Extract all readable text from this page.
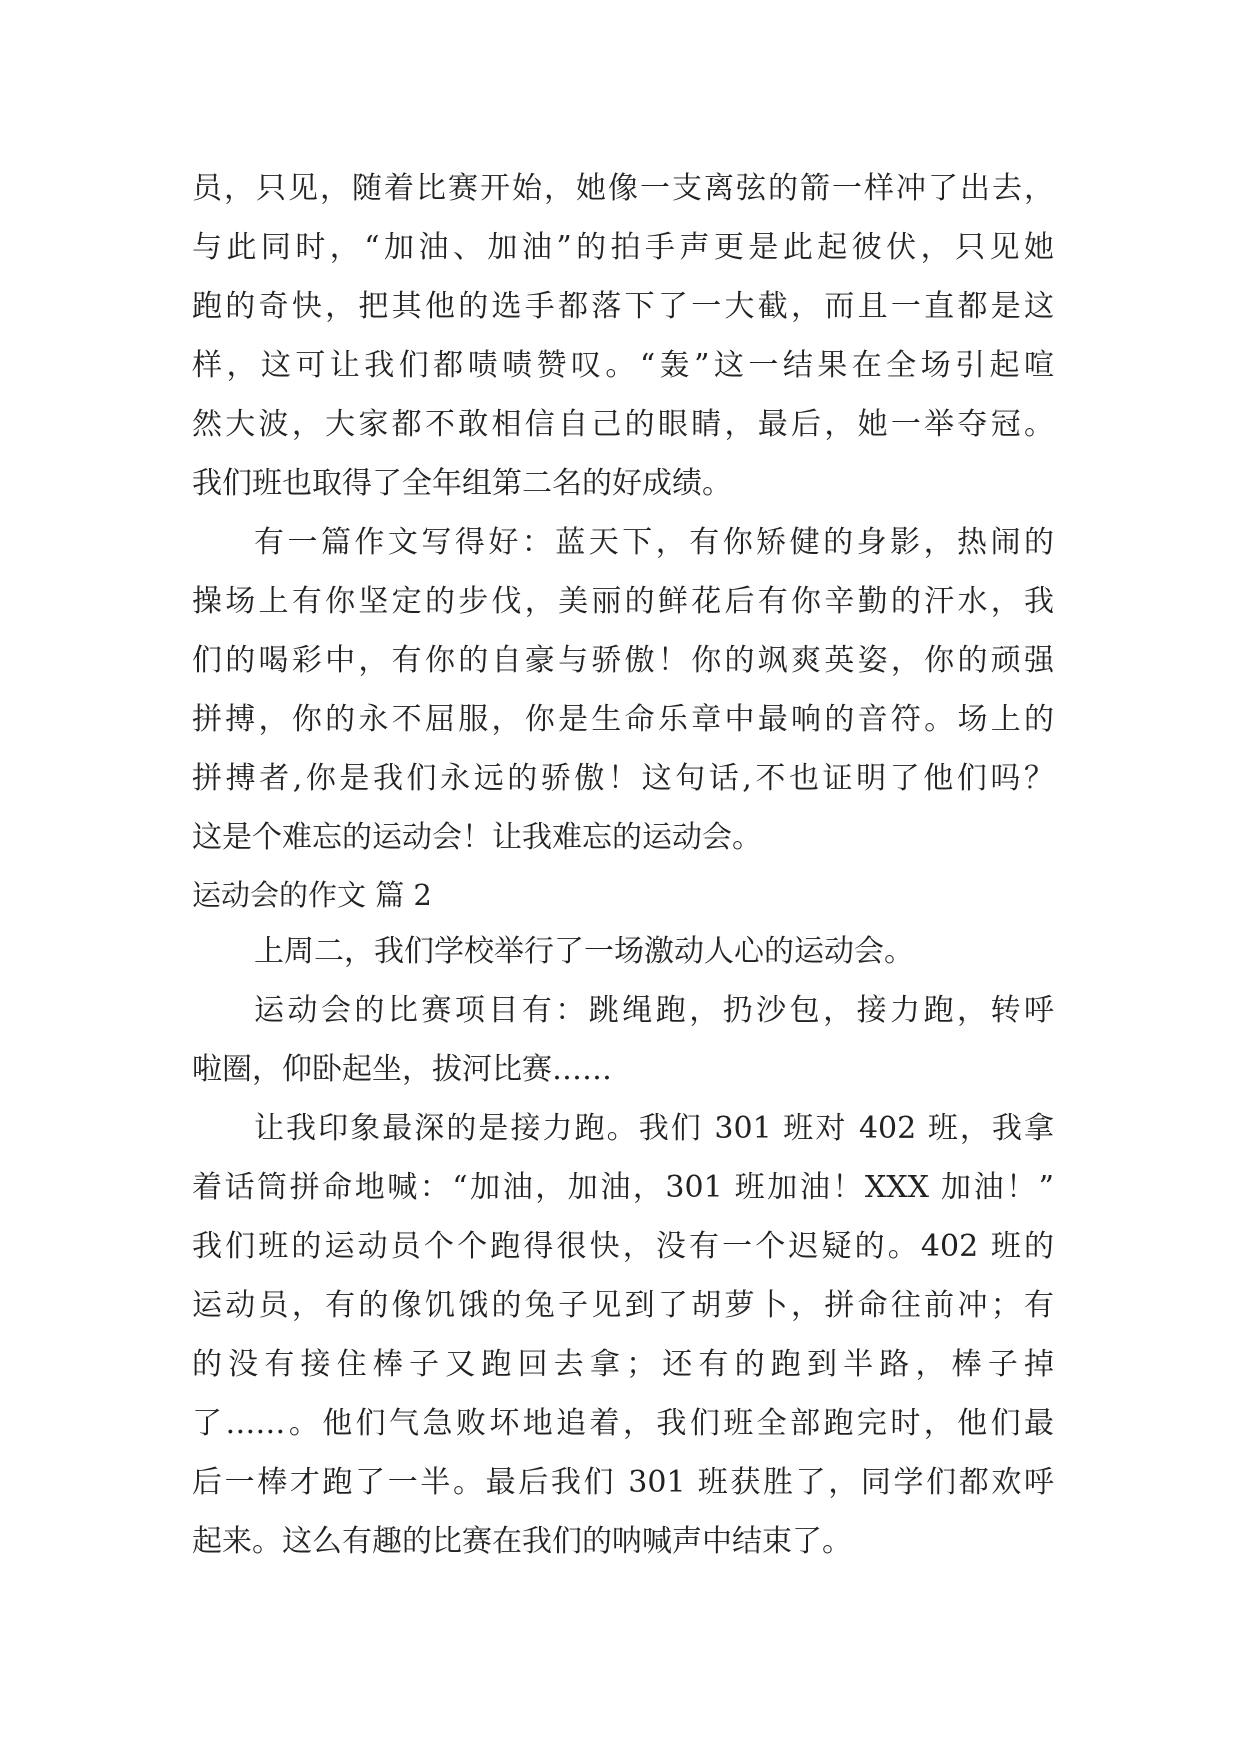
员，只见，随着比赛开始，她像一支离弦的箭一样冲了出去，
与此同时，“加油、加油”的拍手声更是此起彼伏，只见她
跑的奇快，把其他的选手都落下了一大截，而且一直都是这
样，这可让我们都啧啧赞叹。“轰”这一结果在全场引起喧
然大波，大家都不敢相信自己的眼睛，最后，她一举夺冠。
我们班也取得了全年组第二名的好成绩。
有一篇作文写得好：蓝天下，有你矫健的身影，热闹的
操场上有你坚定的步伐，美丽的鲜花后有你辛勤的汗水，我
们的喝彩中，有你的自豪与骄傲！你的飒爽英姿，你的顽强
拼搏，你的永不屈服，你是生命乐章中最响的音符。场上的
拼搏者,你是我们永远的骄傲！这句话,不也证明了他们吗？
这是个难忘的运动会！让我难忘的运动会。
运动会的作文 篇 2
上周二，我们学校举行了一场激动人心的运动会。
运动会的比赛项目有：跳绳跑，扔沙包，接力跑，转呼
啦圈，仰卧起坐，拔河比赛……
让我印象最深的是接力跑。我们 301 班对 402 班，我拿
着话筒拼命地喊：“加油，加油，301 班加油！XXX 加油！”
我们班的运动员个个跑得很快，没有一个迟疑的。402 班的
运动员，有的像饥饿的兔子见到了胡萝卜，拼命往前冲；有
的没有接住棒子又跑回去拿；还有的跑到半路，棒子掉
了……。他们气急败坏地追着，我们班全部跑完时，他们最
后一棒才跑了一半。最后我们 301 班获胜了，同学们都欢呼
起来。这么有趣的比赛在我们的呐喊声中结束了。
